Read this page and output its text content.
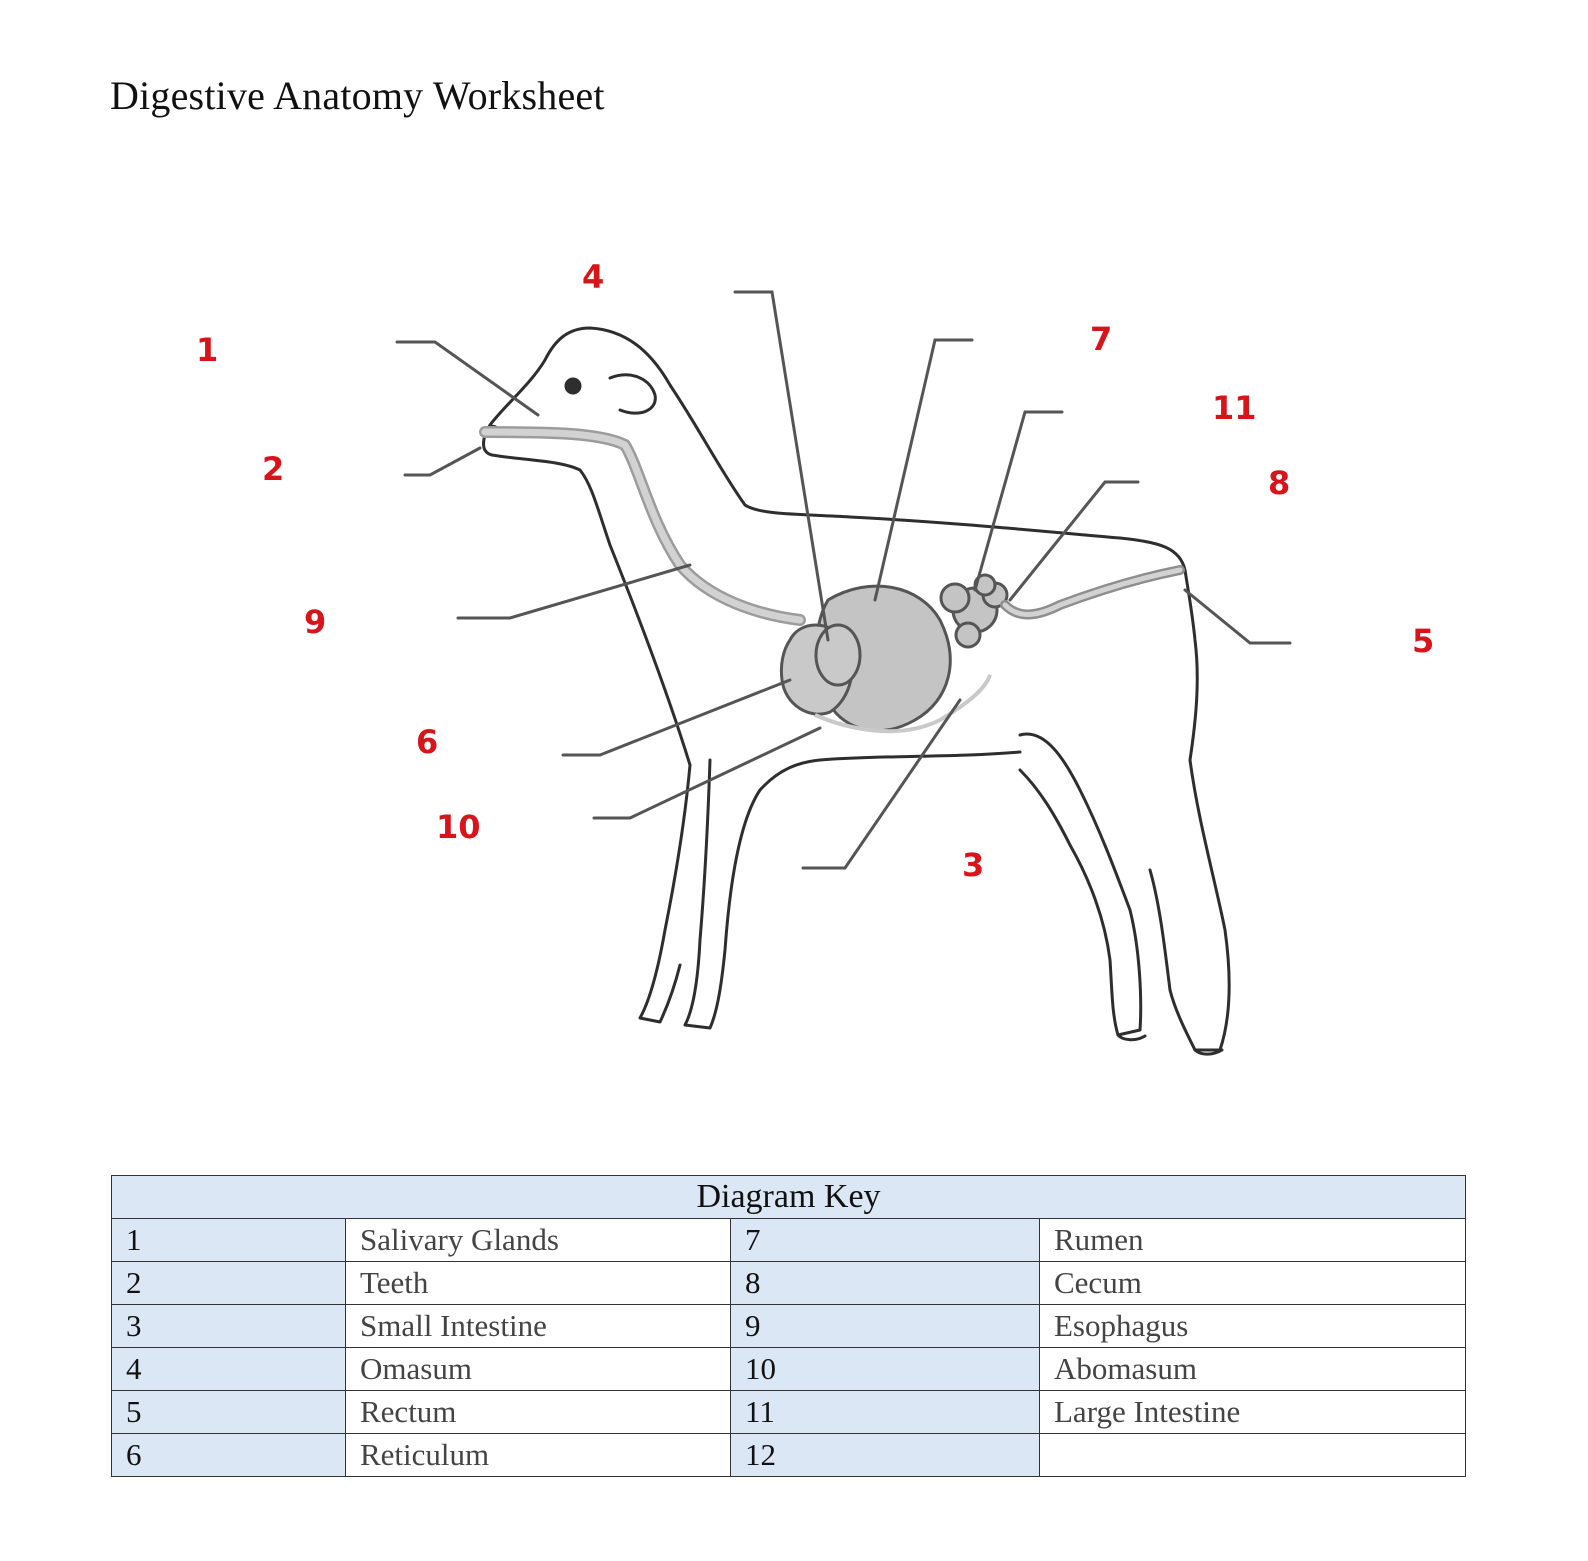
Digestive Anatomy Worksheet
1
2
3
4
5
6
7
8
9
10
11
Diagram Key			
1	Salivary Glands	7	Rumen
2	Teeth	8	Cecum
3	Small Intestine	9	Esophagus
4	Omasum	10	Abomasum
5	Rectum	11	Large Intestine
6	Reticulum	12	
